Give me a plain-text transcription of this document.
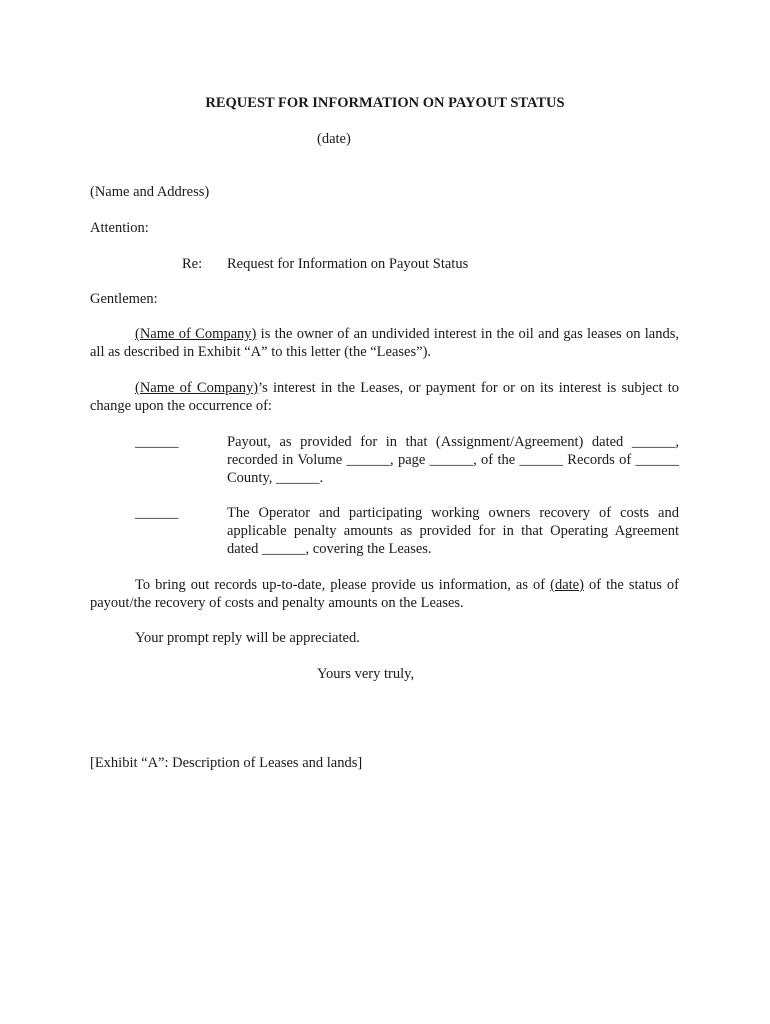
REQUEST FOR INFORMATION ON PAYOUT STATUS
(date)
(Name and Address)
Attention:
Re: Request for Information on Payout Status
Gentlemen:
(Name of Company) is the owner of an undivided interest in the oil and gas leases on lands, all as described in Exhibit “A” to this letter (the “Leases”).
(Name of Company)’s interest in the Leases, or payment for or on its interest is subject to change upon the occurrence of:
______	Payout, as provided for in that (Assignment/Agreement) dated ______, recorded in Volume ______, page ______, of the ______ Records of ______ County, ______.
______	The Operator and participating working owners recovery of costs and applicable penalty amounts as provided for in that Operating Agreement dated ______, covering the Leases.
To bring out records up-to-date, please provide us information, as of (date) of the status of payout/the recovery of costs and penalty amounts on the Leases.
Your prompt reply will be appreciated.
Yours very truly,
[Exhibit “A”: Description of Leases and lands]
